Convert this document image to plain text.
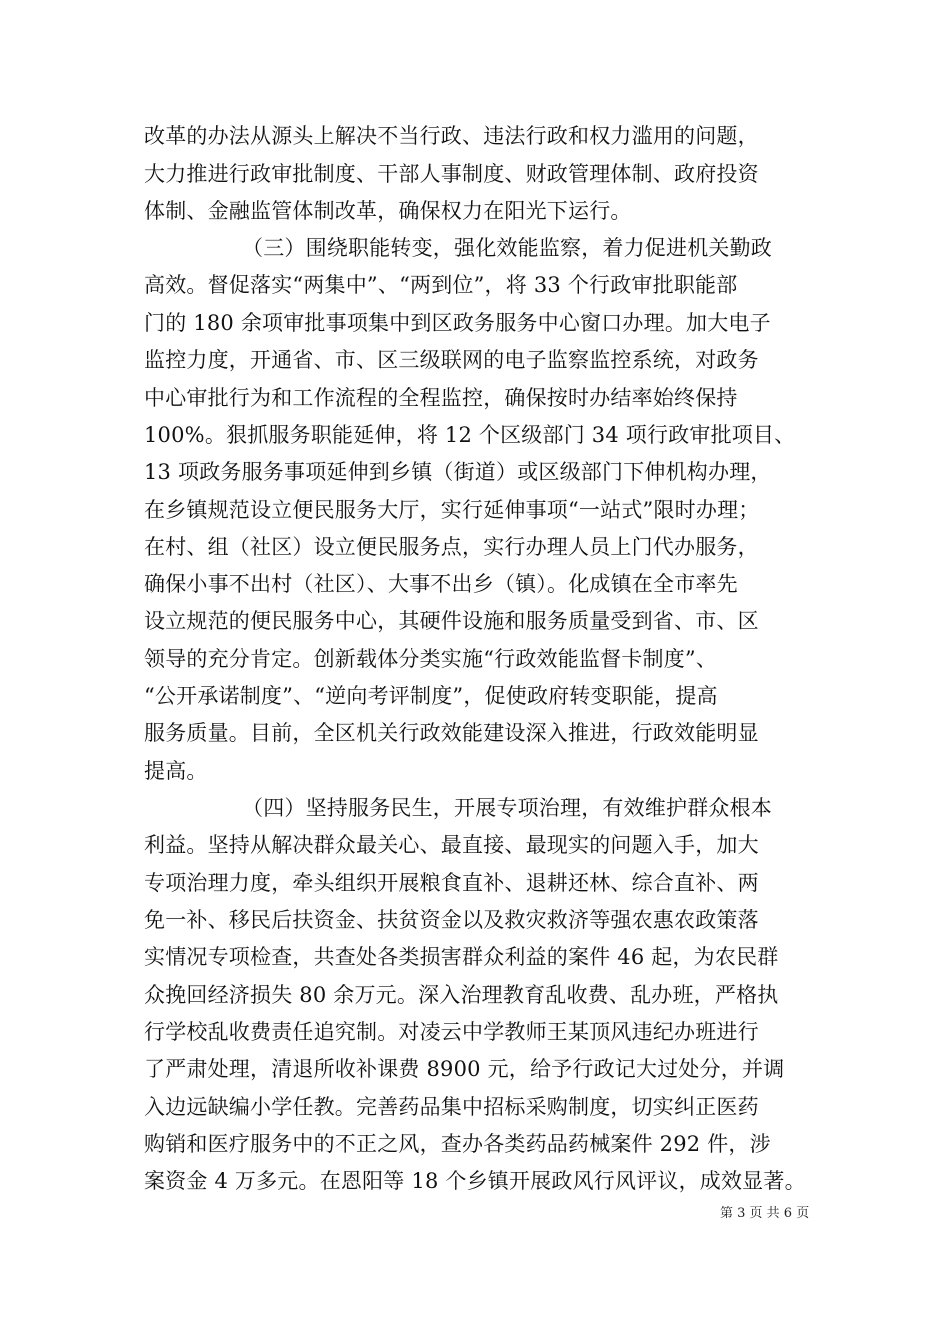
改革的办法从源头上解决不当行政、违法行政和权力滥用的问题，
大力推进行政审批制度、干部人事制度、财政管理体制、政府投资
体制、金融监管体制改革，确保权力在阳光下运行。
（三）围绕职能转变，强化效能监察，着力促进机关勤政
高效。督促落实“两集中”、“两到位”，将 33 个行政审批职能部
门的 180 余项审批事项集中到区政务服务中心窗口办理。加大电子
监控力度，开通省、市、区三级联网的电子监察监控系统，对政务
中心审批行为和工作流程的全程监控，确保按时办结率始终保持
100%。狠抓服务职能延伸，将 12 个区级部门 34 项行政审批项目、
13 项政务服务事项延伸到乡镇（街道）或区级部门下伸机构办理，
在乡镇规范设立便民服务大厅，实行延伸事项“一站式”限时办理；
在村、组（社区）设立便民服务点，实行办理人员上门代办服务，
确保小事不出村（社区）、大事不出乡（镇）。化成镇在全市率先
设立规范的便民服务中心，其硬件设施和服务质量受到省、市、区
领导的充分肯定。创新载体分类实施“行政效能监督卡制度”、
“公开承诺制度”、“逆向考评制度”，促使政府转变职能，提高
服务质量。目前，全区机关行政效能建设深入推进，行政效能明显
提高。
（四）坚持服务民生，开展专项治理，有效维护群众根本
利益。坚持从解决群众最关心、最直接、最现实的问题入手，加大
专项治理力度，牵头组织开展粮食直补、退耕还林、综合直补、两
免一补、移民后扶资金、扶贫资金以及救灾救济等强农惠农政策落
实情况专项检查，共查处各类损害群众利益的案件 46 起，为农民群
众挽回经济损失 80 余万元。深入治理教育乱收费、乱办班，严格执
行学校乱收费责任追究制。对凌云中学教师王某顶风违纪办班进行
了严肃处理，清退所收补课费 8900 元，给予行政记大过处分，并调
入边远缺编小学任教。完善药品集中招标采购制度，切实纠正医药
购销和医疗服务中的不正之风，查办各类药品药械案件 292 件，涉
案资金 4 万多元。在恩阳等 18 个乡镇开展政风行风评议，成效显著。
第 3 页 共 6 页
